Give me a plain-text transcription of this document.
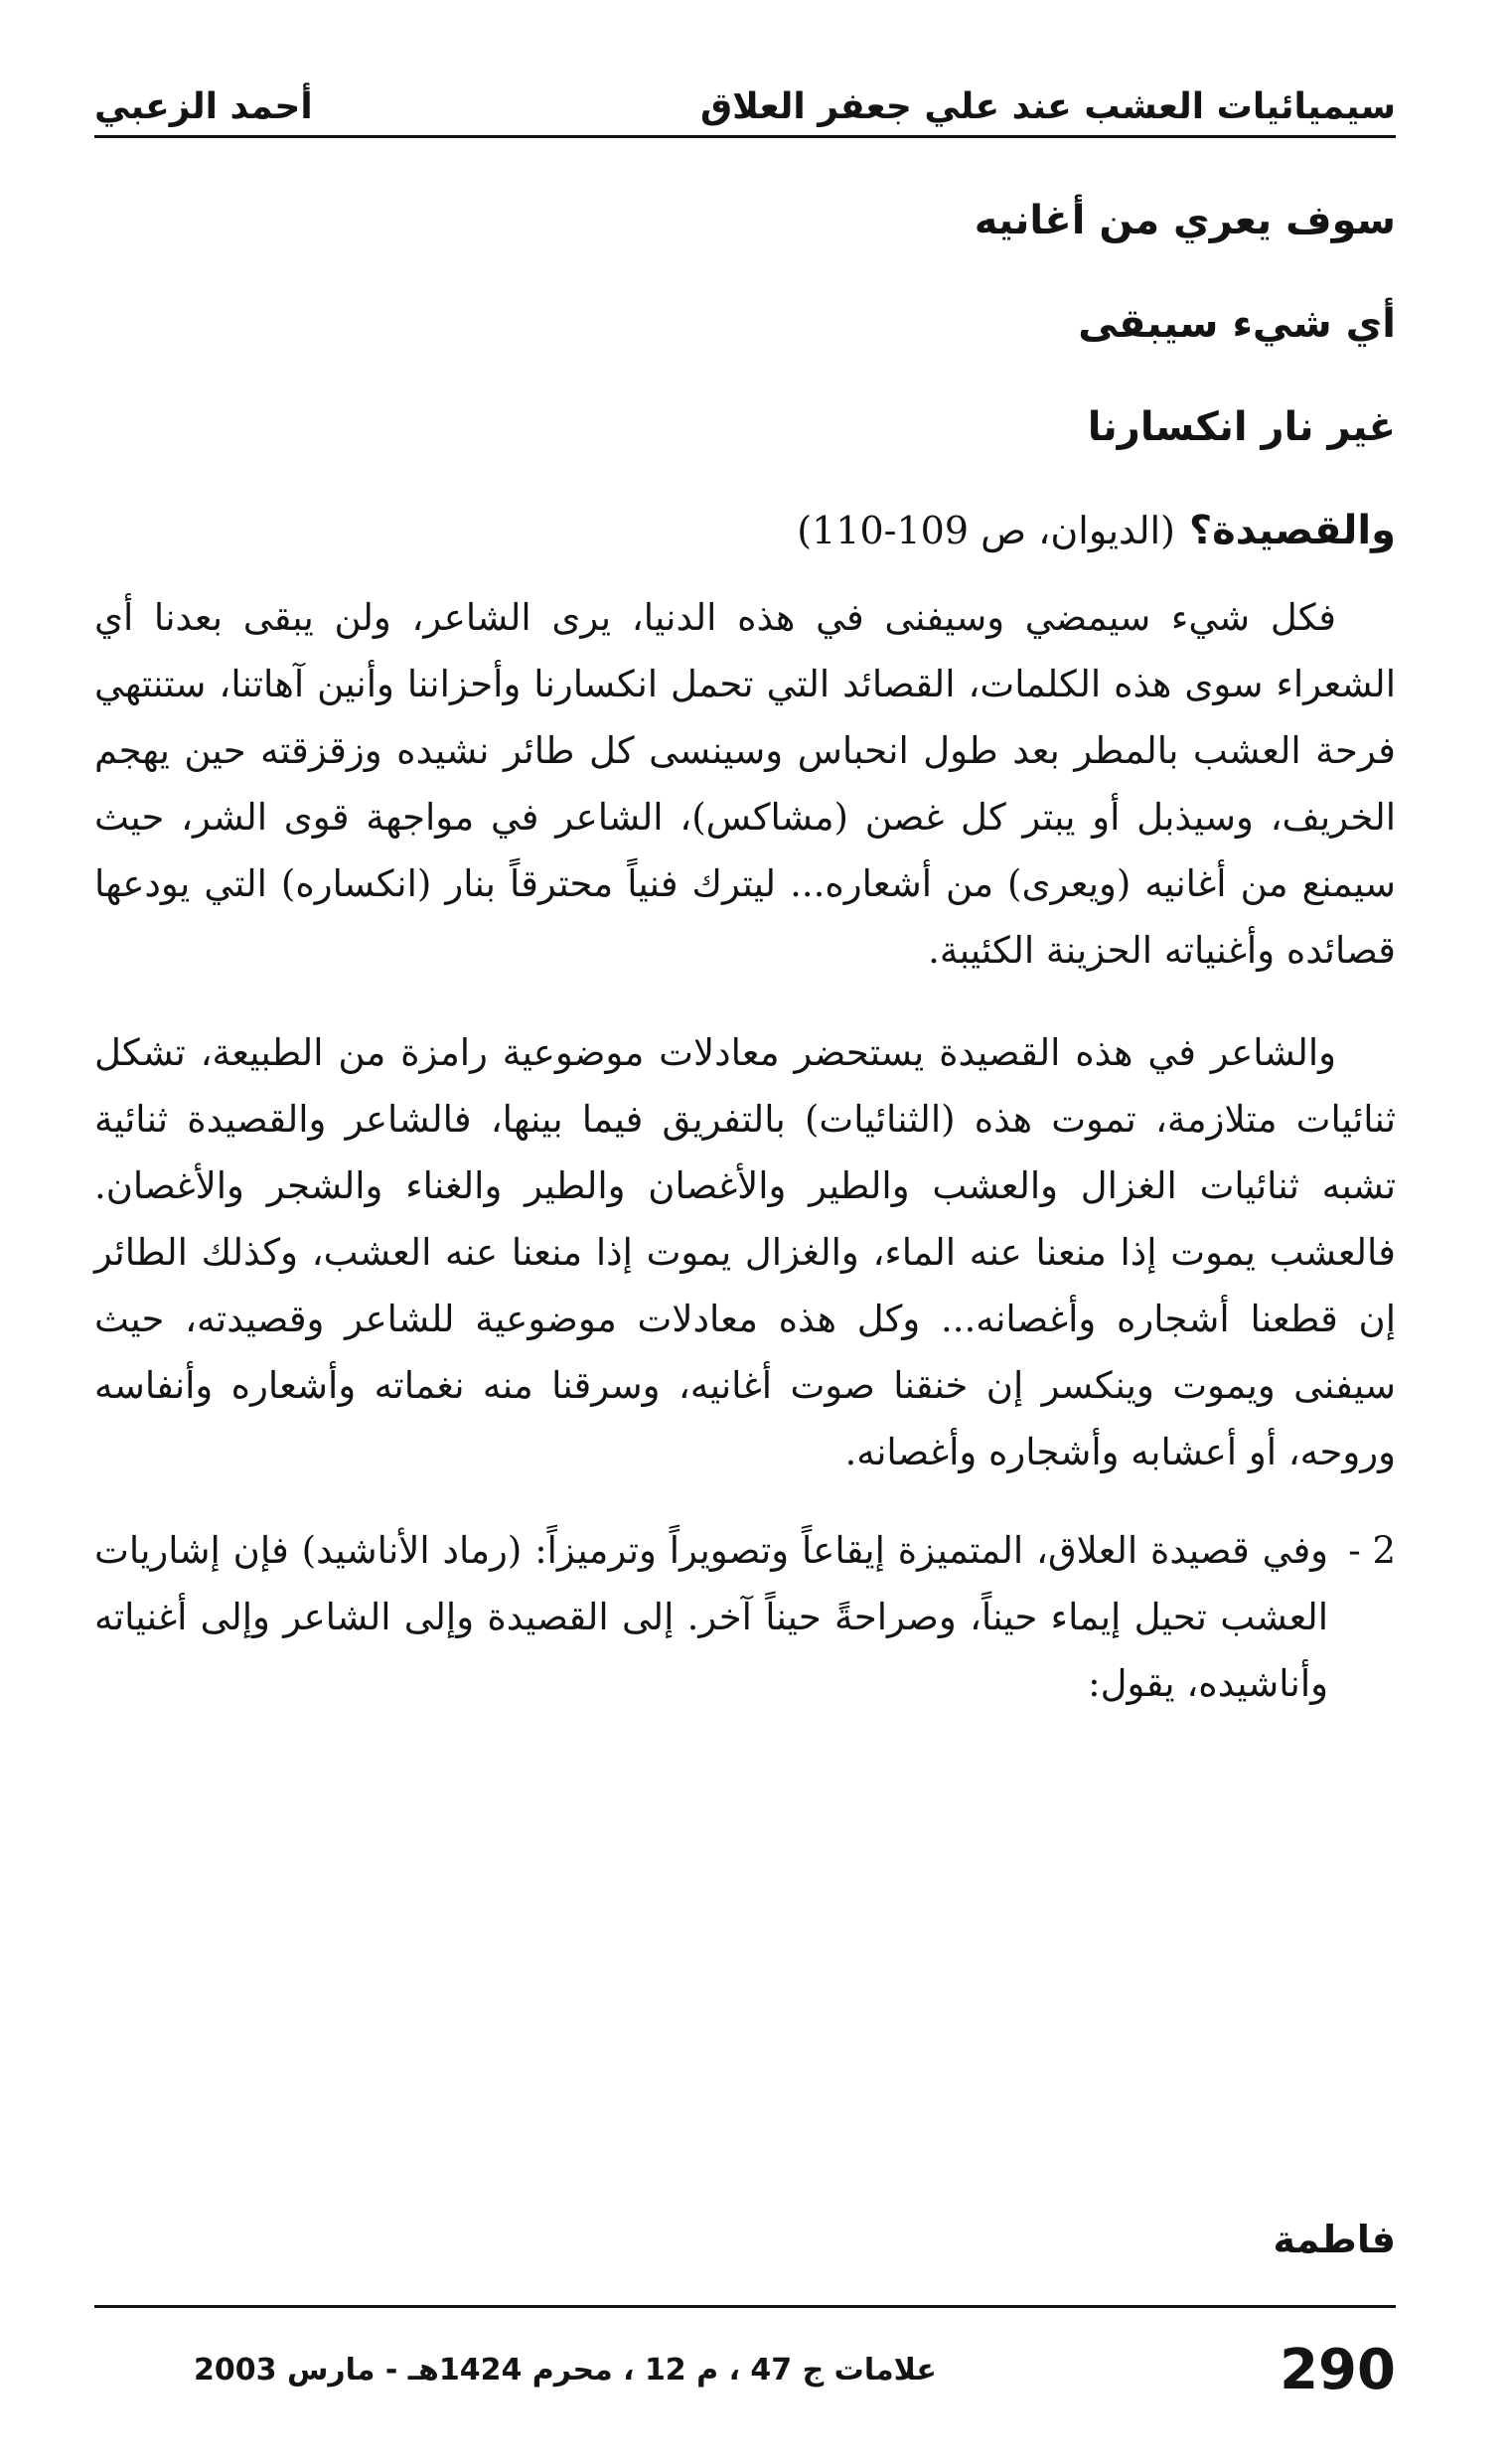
سيميائيات العشب عند علي جعفر العلاق
أحمد الزعبي
سوف يعري من أغانيه
أي شيء سيبقى
غير نار انكسارنا
والقصيدة؟(الديوان، ص 109-110)

فكل شيء سيمضي وسيفنى في هذه الدنيا، يرى الشاعر، ولن يبقى بعدنا أي الشعراء سوى هذه الكلمات، القصائد التي تحمل انكسارنا وأحزاننا وأنين آهاتنا، ستنتهي فرحة العشب بالمطر بعد طول انحباس وسينسى كل طائر نشيده وزقزقته حين يهجم الخريف، وسيذبل أو يبتر كل غصن (مشاكس)، الشاعر في مواجهة قوى الشر، حيث سيمنع من أغانيه (ويعرى) من أشعاره... ليترك فنياً محترقاً بنار (انكساره) التي يودعها قصائده وأغنياته الحزينة الكئيبة.

والشاعر في هذه القصيدة يستحضر معادلات موضوعية رامزة من الطبيعة، تشكل ثنائيات متلازمة، تموت هذه (الثنائيات) بالتفريق فيما بينها، فالشاعر والقصيدة ثنائية تشبه ثنائيات الغزال والعشب والطير والأغصان والطير والغناء والشجر والأغصان. فالعشب يموت إذا منعنا عنه الماء، والغزال يموت إذا منعنا عنه العشب، وكذلك الطائر إن قطعنا أشجاره وأغصانه... وكل هذه معادلات موضوعية للشاعر وقصيدته، حيث سيفنى ويموت وينكسر إن خنقنا صوت أغانيه، وسرقنا منه نغماته وأشعاره وأنفاسه وروحه، أو أعشابه وأشجاره وأغصانه.

2 -

وفي قصيدة العلاق، المتميزة إيقاعاً وتصويراً وترميزاً: (رماد الأناشيد) فإن إشاريات العشب تحيل إيماء حيناً، وصراحةً حيناً آخر. إلى القصيدة وإلى الشاعر وإلى أغنياته وأناشيده، يقول:

فاطمة
290
علامات ج 47 ، م 12 ، محرم 1424هـ - مارس 2003
